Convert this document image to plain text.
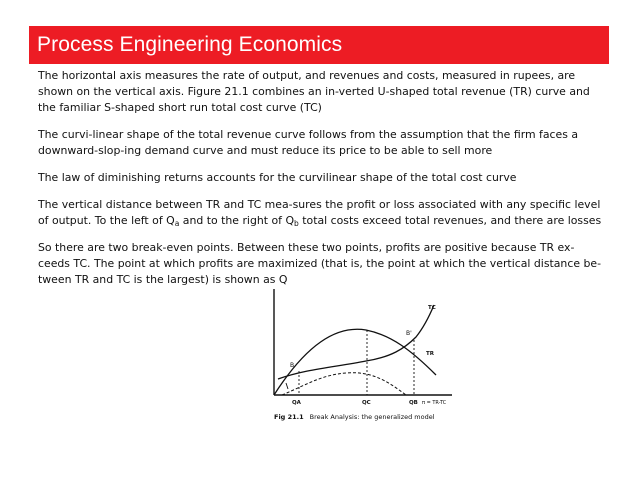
Process Engineering Economics

The horizontal axis measures the rate of output, and revenues and costs, measured in rupees, are shown on the vertical axis. Figure 21.1 combines an in-verted U-shaped total revenue (TR) curve and the familiar S-shaped short run total cost curve (TC)

The curvi-linear shape of the total revenue curve follows from the assumption that the firm faces a downward-slop-ing demand curve and must reduce its price to be able to sell more

The law of diminishing returns accounts for the curvilinear shape of the total cost curve

The vertical distance between TR and TC mea-sures the profit or loss associated with any specific level of output. To the left of $Q_a$ and to the right of $Q_b$ total costs exceed total revenues, and there are losses

So there are two break-even points. Between these two points, profits are positive because TR ex-ceeds TC. The point at which profits are maximized (that is, the point at which the vertical distance be-tween TR and TC is the largest) is shown as Q

B
B'
TC
TR
QA	QC	QB π = TR-TC
Fig 21.1 Break Analysis: the generalized model
